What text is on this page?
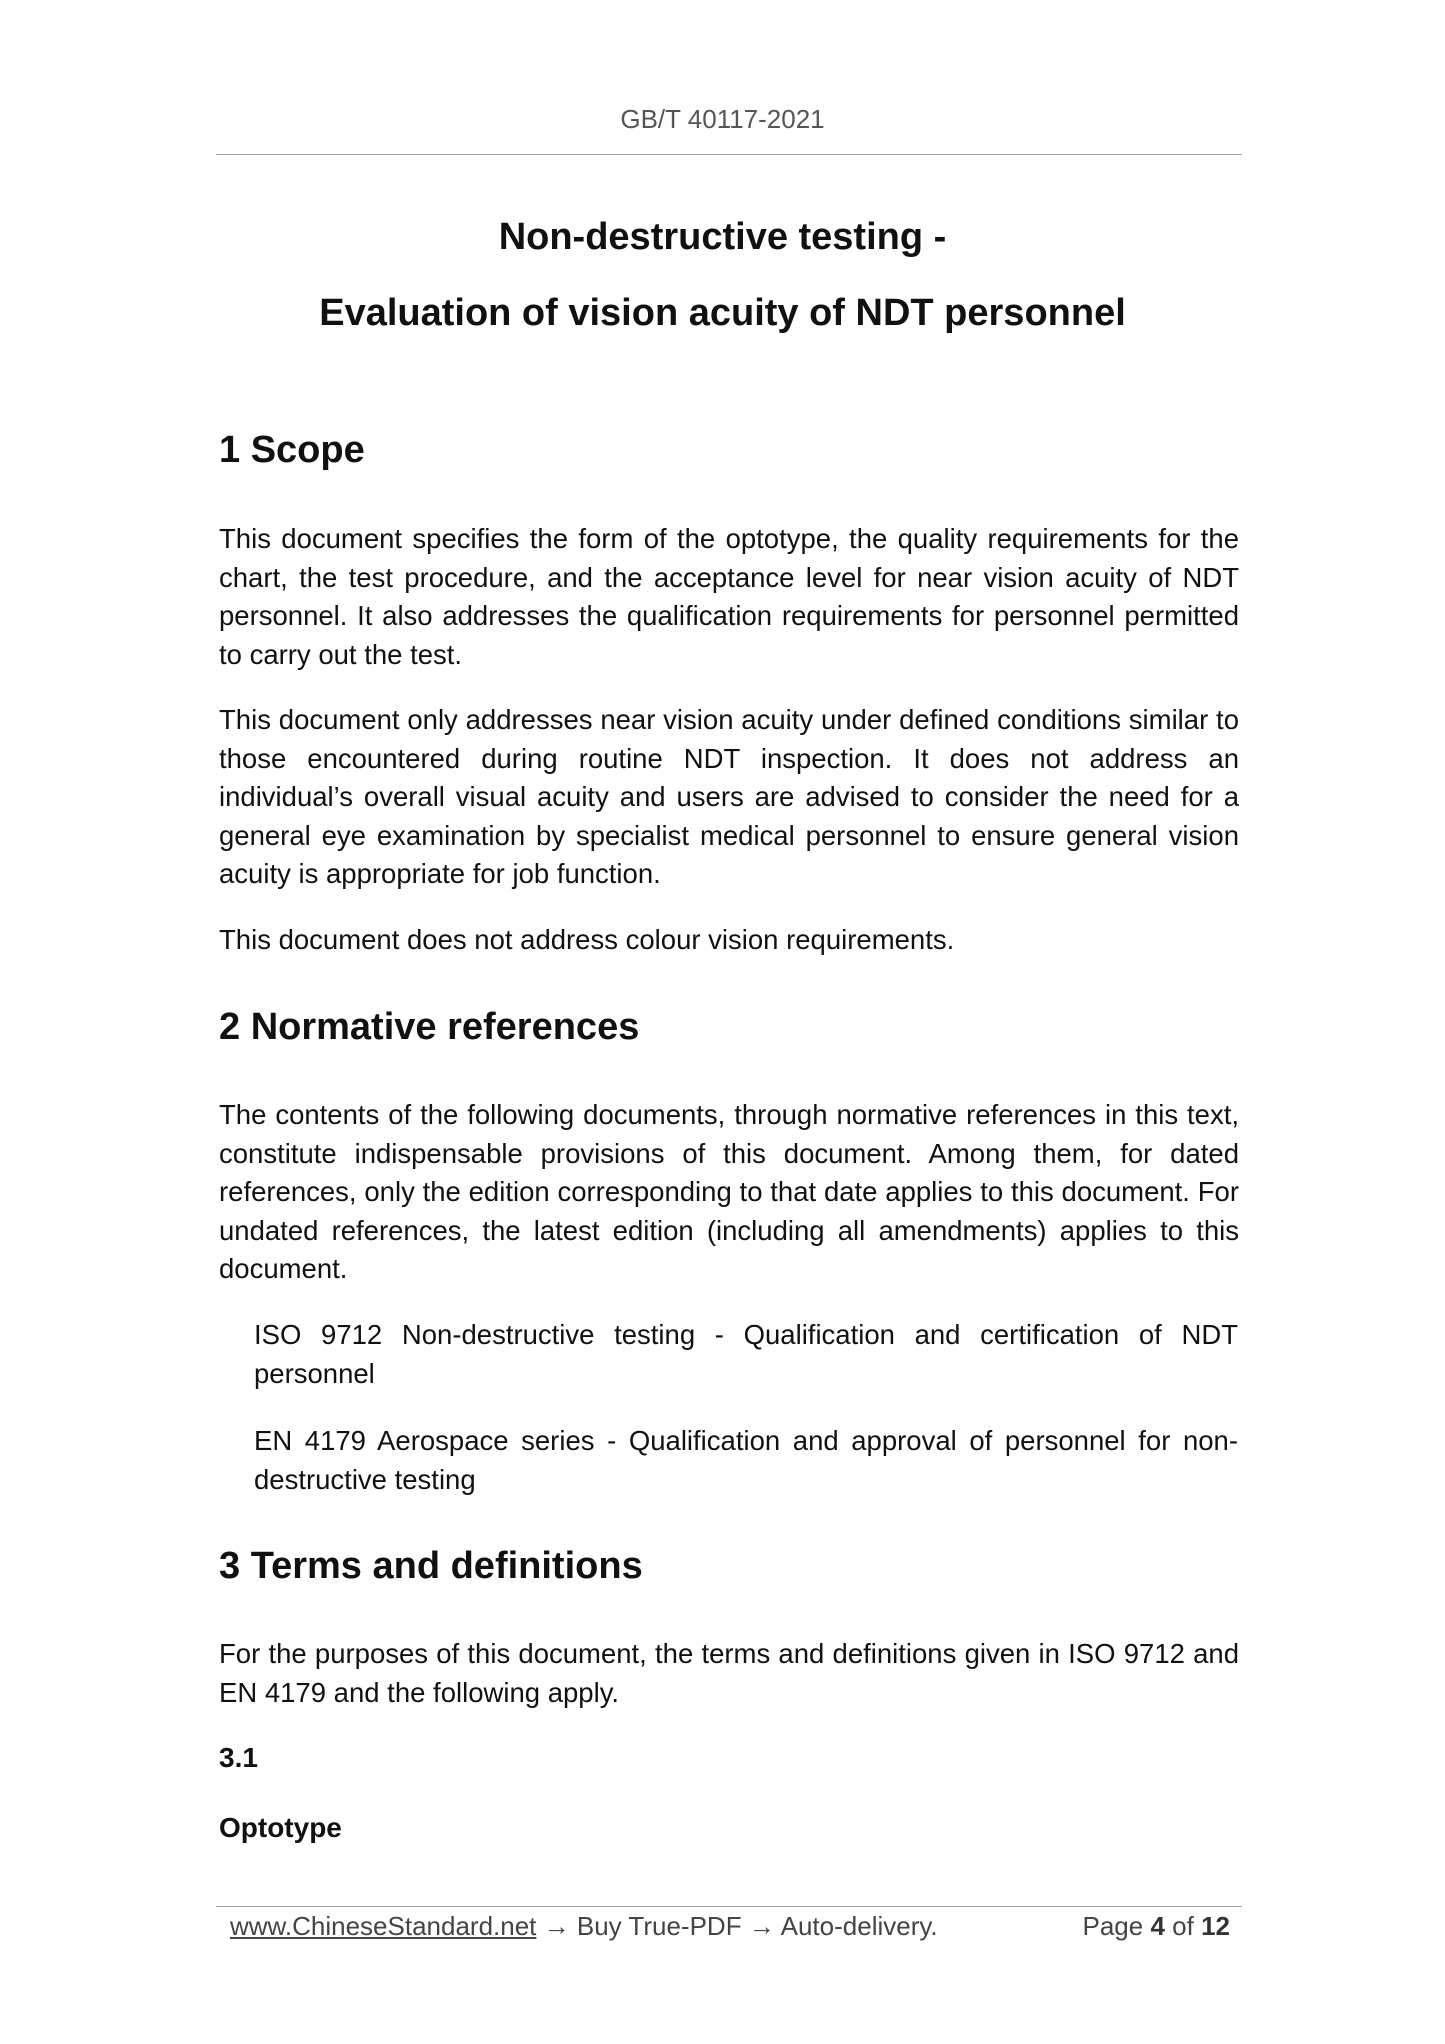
GB/T 40117-2021
Non-destructive testing -
Evaluation of vision acuity of NDT personnel
1 Scope

This document specifies the form of the optotype, the quality requirements for the chart, the test procedure, and the acceptance level for near vision acuity of NDT personnel. It also addresses the qualification requirements for personnel permitted to carry out the test.

This document only addresses near vision acuity under defined conditions similar to those encountered during routine NDT inspection. It does not address an individual’s overall visual acuity and users are advised to consider the need for a general eye examination by specialist medical personnel to ensure general vision acuity is appropriate for job function.

This document does not address colour vision requirements.

2 Normative references

The contents of the following documents, through normative references in this text, constitute indispensable provisions of this document. Among them, for dated references, only the edition corresponding to that date applies to this document. For undated references, the latest edition (including all amendments) applies to this document.

ISO 9712 Non-destructive testing - Qualification and certification of NDT personnel

EN 4179 Aerospace series - Qualification and approval of personnel for non-destructive testing

3 Terms and definitions

For the purposes of this document, the terms and definitions given in ISO 9712 and EN 4179 and the following apply.

3.1

Optotype

www.ChineseStandard.net → Buy True-PDF → Auto-delivery.	Page 4 of 12
